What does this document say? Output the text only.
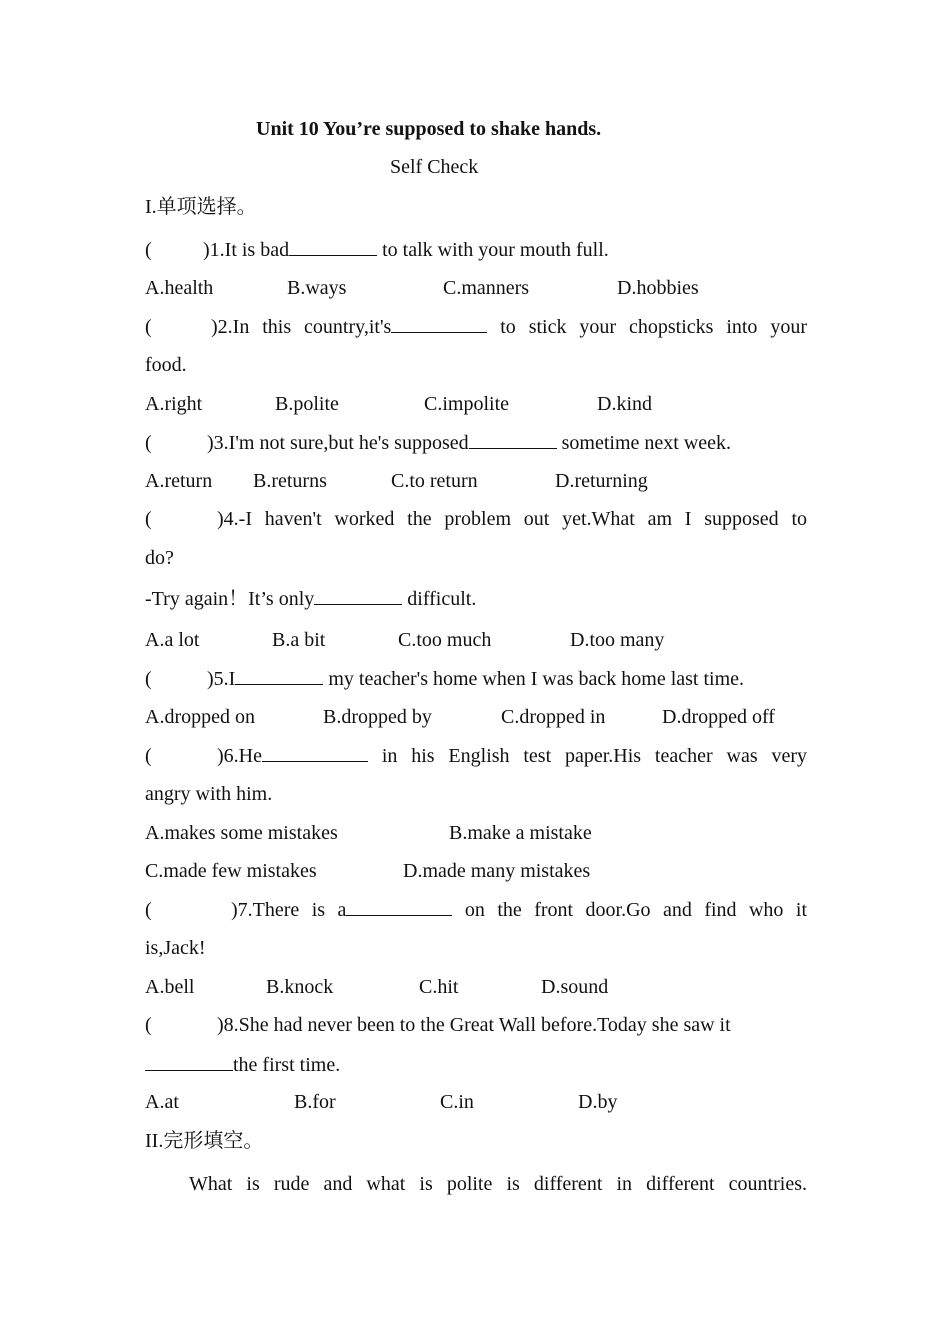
Unit 10 You’re supposed to shake hands.
Self Check
I.单项选择。
(	)1.It is bad	to talk with your mouth full.
A.health	B.ways	C.manners	D.hobbies
(	)2.In this country,it's	to stick your chopsticks into your
food.
A.right	B.polite	C.impolite	D.kind
(	)3.I'm not sure,but he's supposed	sometime next week.
A.return B.returns	C.to return	D.returning
(	)4.-I haven't worked the problem out yet.What am I supposed to
do?
-Try again！It’s only	difficult.
A.a lot	B.a bit	C.too much	D.too many
(	)5.I	my teacher's home when I was back home last time.
A.dropped on	B.dropped by	C.dropped in	D.dropped off
(	)6.He	in his English test paper.His teacher was very
angry with him.
A.makes some mistakes	B.make a mistake
C.made few mistakes	D.made many mistakes
(	)7.There is a	on the front door.Go and find who it
is,Jack!
A.bell	B.knock	C.hit	D.sound
(	)8.She had never been to the Great Wall before.Today she saw it
the first time.
A.at	B.for	C.in	D.by
II.完形填空。
What is rude and what is polite is different in different countries.
